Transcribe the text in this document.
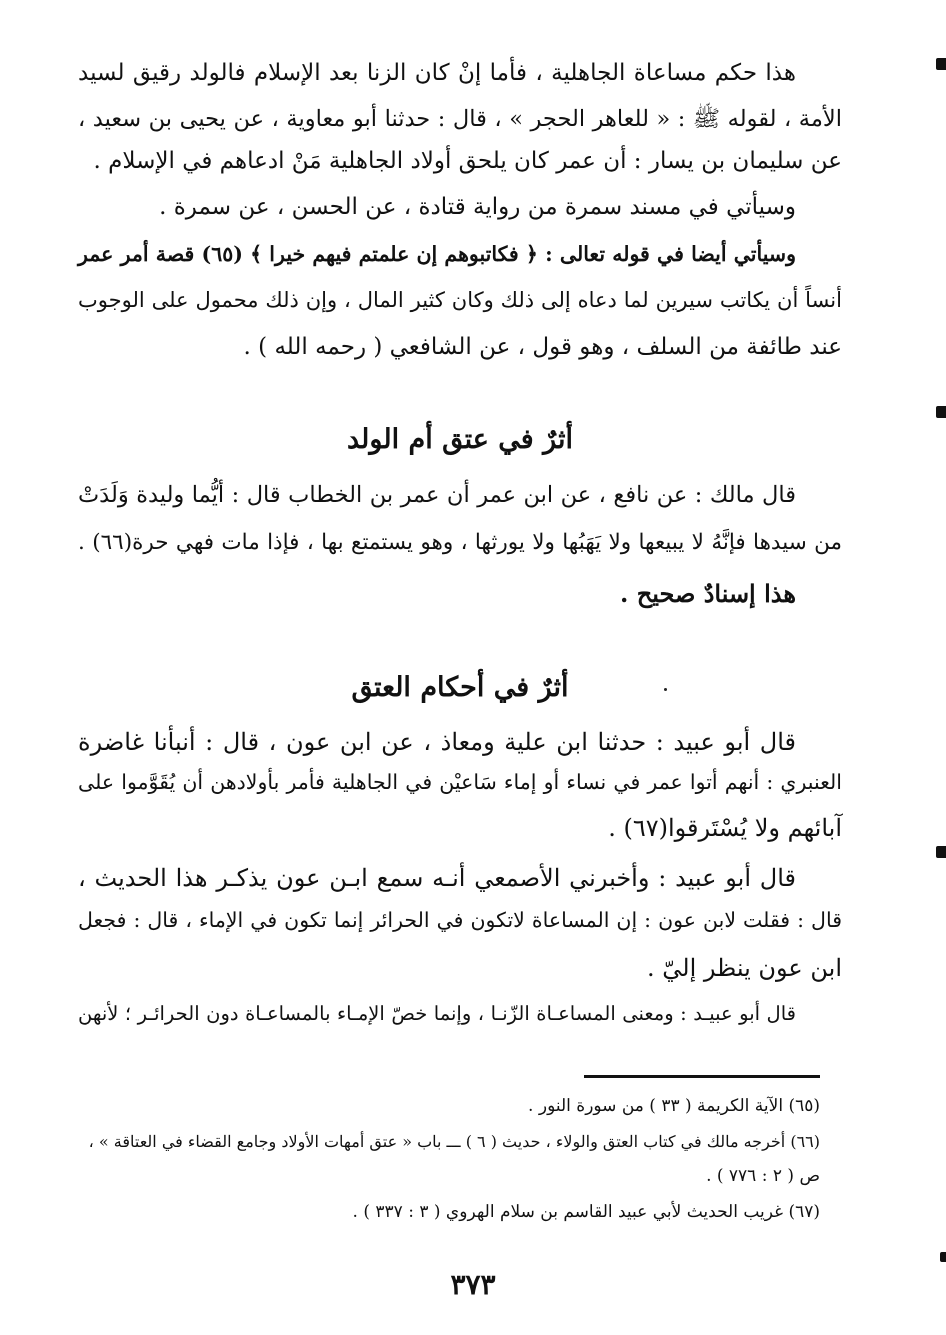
هذا حكم مساعاة الجاهلية ، فأما إنْ كان الزنا بعد الإسلام فالولد رقيق لسيد
الأمة ، لقوله ﷺ : « للعاهر الحجر » ، قال : حدثنا أبو معاوية ، عن يحيى بن سعيد ،
عن سليمان بن يسار : أن عمر كان يلحق أولاد الجاهلية مَنْ ادعاهم في الإسلام .
وسيأتي في مسند سمرة من رواية قتادة ، عن الحسن ، عن سمرة .
وسيأتي أيضا في قوله تعالى : ﴿ فكاتبوهم إن علمتم فيهم خيرا ﴾ (٦٥) قصة أمر عمر
أنساً أن يكاتب سيرين لما دعاه إلى ذلك وكان كثير المال ، وإن ذلك محمول على الوجوب
عند طائفة من السلف ، وهو قول ، عن الشافعي ( رحمه الله ) .
أثرٌ في عتق أم الولد
قال مالك : عن نافع ، عن ابن عمر أن عمر بن الخطاب قال : أيُّما وليدة وَلَدَتْ
من سيدها فإنَّهُ لا يبيعها ولا يَهَبُها ولا يورثها ، وهو يستمتع بها ، فإذا مات فهي حرة(٦٦) .
هذا إسنادٌ صحيح .
أثرٌ في أحكام العتق
قال أبو عبيد : حدثنا ابن علية ومعاذ ، عن ابن عون ، قال : أنبأنا غاضرة
العنبري : أنهم أتوا عمر في نساء أو إماء سَاعيْن في الجاهلية فأمر بأولادهن أن يُقَوَّموا على
آبائهم ولا يُسْتَرقوا(٦٧) .
قال أبو عبيد : وأخبرني الأصمعي أنـه سمع ابـن عون يذكـر هذا الحديث ،
قال : فقلت لابن عون : إن المساعاة لاتكون في الحرائر إنما تكون في الإماء ، قال : فجعل
ابن عون ينظر إليّ .
قال أبو عبيـد : ومعنى المساعـاة الزّنـا ، وإنما خصّ الإمـاء بالمساعـاة دون الحرائـر ؛ لأنهن
(٦٥) الآية الكريمة ( ٣٣ ) من سورة النور .
(٦٦) أخرجه مالك في كتاب العتق والولاء ، حديث ( ٦ ) ـــ باب « عتق أمهات الأولاد وجامع القضاء في العتاقة » ،
ص ( ٢ : ٧٧٦ ) .
(٦٧) غريب الحديث لأبي عبيد القاسم بن سلام الهروي ( ٣ : ٣٣٧ ) .
٣٧٣
